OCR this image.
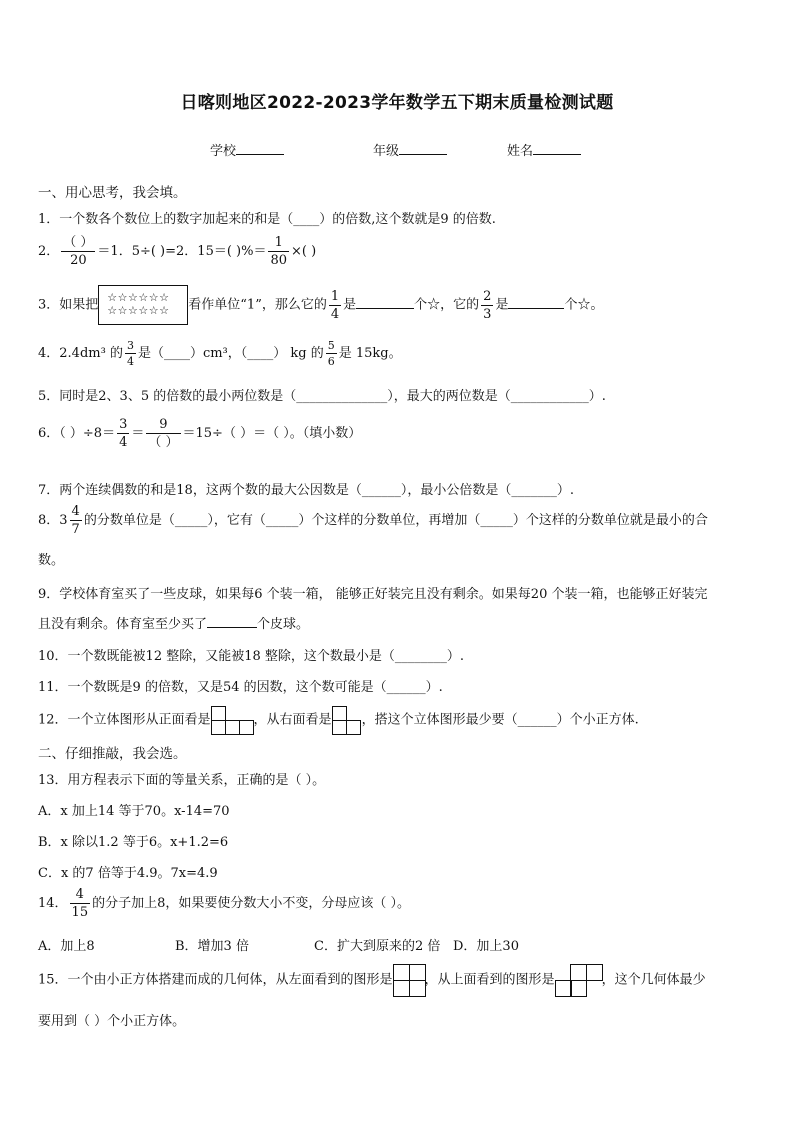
日喀则地区2022-2023学年数学五下期末质量检测试题
学校	年级	姓名
一、用心思考，我会填。
1．一个数各个数位上的数字加起来的和是（____）的倍数,这个数就是9 的倍数.
2． $\frac{( )}{20} =1$．5÷( )=2．15＝( )%＝ $\frac{1}{80}$ ×( )
3．如果把 ☆☆☆☆☆☆
☆☆☆☆☆☆	看作单位“1”，那么它的 $\frac{1}{4}$ 是	个☆，它的 $\frac{2}{3}$ 是	个☆。
4．2.4dm³ 的 $\frac{3}{4}$ 是（____）cm³，（____） kg 的 $\frac{5}{6}$ 是 15kg。
5．同时是2、3、5 的倍数的最小两位数是（______________），最大的两位数是（____________）.
6．（ ）$\div 8= \frac{3}{4} = \frac{9}{( )} =15\div$（ ）＝（ ）。（填小数）
7．两个连续偶数的和是18，这两个数的最大公因数是（______），最小公倍数是（_______）.
8．$3 \frac{4}{7}$ 的分数单位是（_____），它有（_____）个这样的分数单位，再增加（_____）个这样的分数单位就是最小的合
数。
9．学校体育室买了一些皮球，如果每6 个装一箱， 能够正好装完且没有剩余。如果每20 个装一箱，也能够正好装完
且没有剩余。体育室至少买了	个皮球。
10．一个数既能被12 整除，又能被18 整除，这个数最小是（________）.
11．一个数既是9 的倍数，又是54 的因数，这个数可能是（______）.
12．一个立体图形从正面看是	，从右面看是 ，搭这个立体图形最少要（______）个小正方体.
二、仔细推敲，我会选。
13．用方程表示下面的等量关系，正确的是（ ）。
A．x 加上14 等于70。x-14=70
B．x 除以1.2 等于6。x+1.2=6
C．x 的7 倍等于4.9。7x=4.9
14． $\frac{4}{15}$ 的分子加上8，如果要使分数大小不变，分母应该（ ）。
A．加上8	B．增加3 倍	C．扩大到原来的2 倍 D．加上30
15．一个由小正方体搭建而成的几何体，从左面看到的图形是 ，从上面看到的图形是	，这个几何体最少
要用到（ ）个小正方体。
